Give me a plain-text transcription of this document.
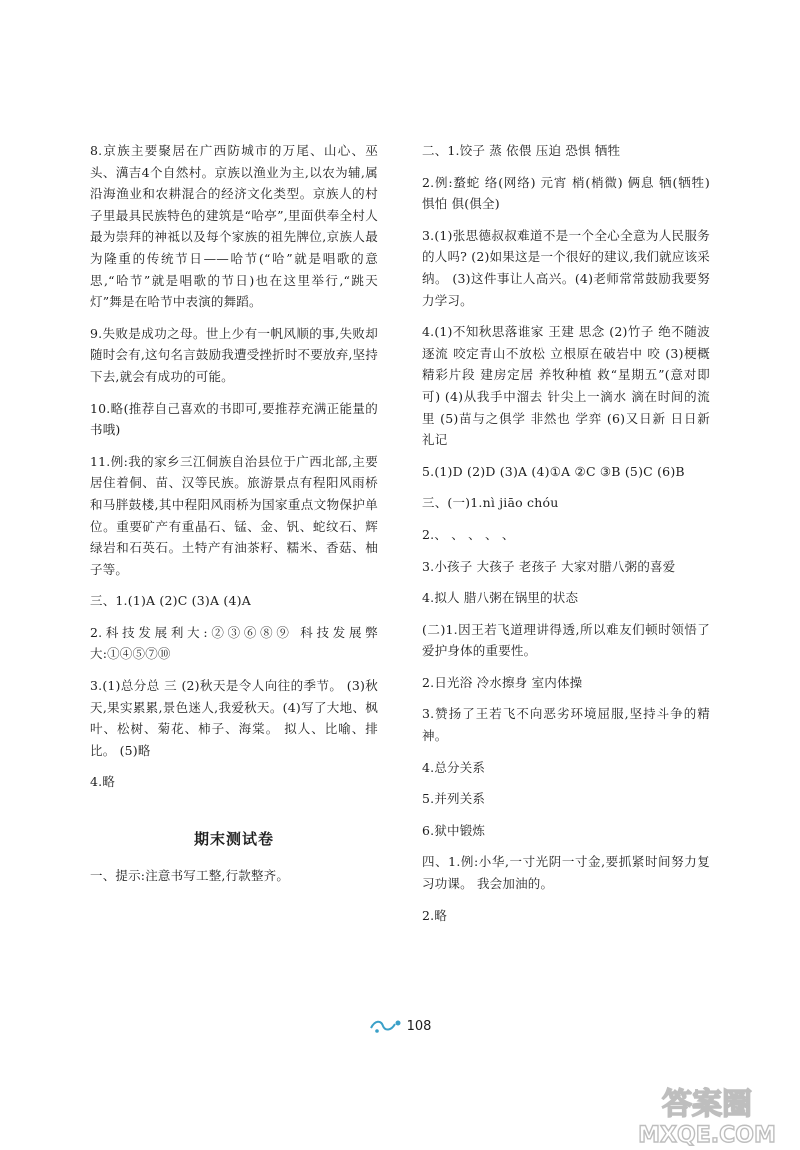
8.京族主要聚居在广西防城市的万尾、山心、巫头、澫吉4个自然村。京族以渔业为主,以农为辅,属沿海渔业和农耕混合的经济文化类型。京族人的村子里最具民族特色的建筑是“哈亭”,里面供奉全村人最为崇拜的神祗以及每个家族的祖先牌位,京族人最为隆重的传统节日——哈节(“哈”就是唱歌的意思,“哈节”就是唱歌的节日)也在这里举行,“跳天灯”舞是在哈节中表演的舞蹈。

9.失败是成功之母。世上少有一帆风顺的事,失败却随时会有,这句名言鼓励我遭受挫折时不要放弃,坚持下去,就会有成功的可能。

10.略(推荐自己喜欢的书即可,要推荐充满正能量的书哦)

11.例:我的家乡三江侗族自治县位于广西北部,主要居住着侗、苗、汉等民族。旅游景点有程阳风雨桥和马胖鼓楼,其中程阳风雨桥为国家重点文物保护单位。重要矿产有重晶石、锰、金、钒、蛇纹石、辉绿岩和石英石。土特产有油茶籽、糯米、香菇、柚子等。

三、1.(1)A (2)C (3)A (4)A

2.科技发展利大:②③⑥⑧⑨ 科技发展弊大:①④⑤⑦⑩

3.(1)总分总 三 (2)秋天是令人向往的季节。 (3)秋天,果实累累,景色迷人,我爱秋天。(4)写了大地、枫叶、松树、菊花、柿子、海棠。 拟人、比喻、排比。 (5)略

4.略

期末测试卷

一、提示:注意书写工整,行款整齐。

二、1.饺子 蒸 依偎 压迫 恐惧 牺牲

2.例:蝥蛇 络(网络) 元宵 梢(梢微) 俩息 牺(牺牲) 惧怕 俱(俱全)

3.(1)张思德叔叔难道不是一个全心全意为人民服务的人吗? (2)如果这是一个很好的建议,我们就应该采纳。 (3)这件事让人高兴。(4)老师常常鼓励我要努力学习。

4.(1)不知秋思落谁家 王建 思念 (2)竹子 绝不随波逐流 咬定青山不放松 立根原在破岩中 咬 (3)梗概 精彩片段 建房定居 养牧种植 救“星期五”(意对即可) (4)从我手中溜去 针尖上一滴水 滴在时间的流里 (5)苗与之俱学 非然也 学弈 (6)又日新 日日新 礼记

5.(1)D (2)D (3)A (4)①A ②C ③B (5)C (6)B

三、(一)1.nì jiāo chóu

2.、 、 、 、 、

3.小孩子 大孩子 老孩子 大家对腊八粥的喜爱

4.拟人 腊八粥在锅里的状态

(二)1.因王若飞道理讲得透,所以难友们顿时领悟了爱护身体的重要性。

2.日光浴 冷水擦身 室内体操

3.赞扬了王若飞不向恶劣环境屈服,坚持斗争的精神。

4.总分关系

5.并列关系

6.狱中锻炼

四、1.例:小华,一寸光阴一寸金,要抓紧时间努力复习功课。 我会加油的。

2.略

108
答案圈
MXQE.COM
